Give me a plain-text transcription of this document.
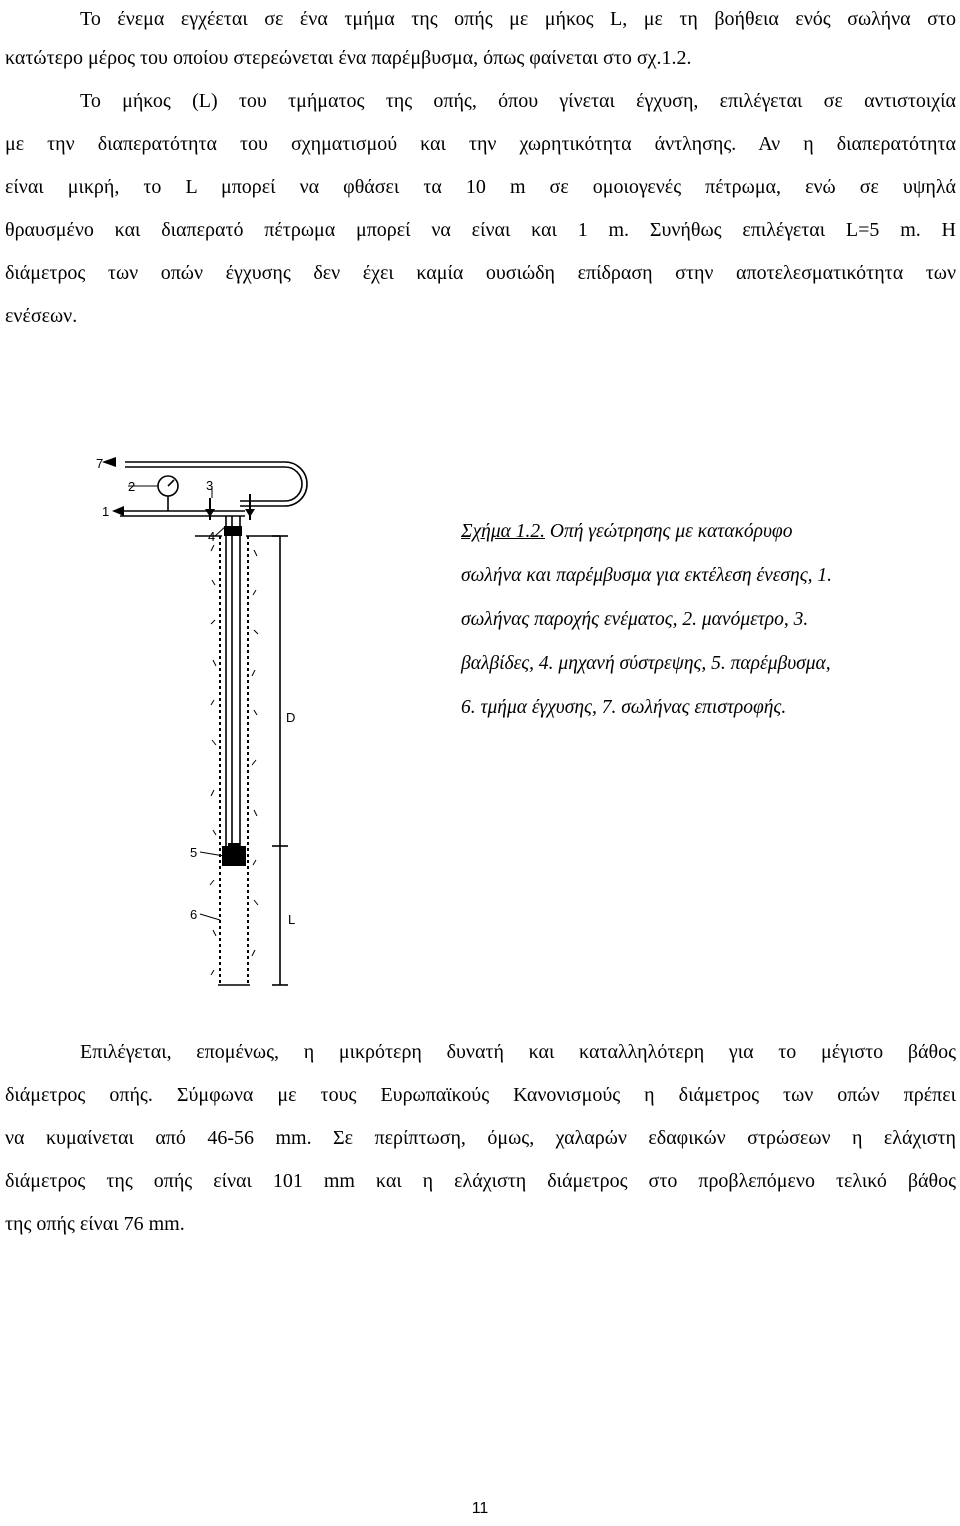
Το ένεμα εγχέεται σε ένα τμήμα της οπής με μήκος L, με τη βοήθεια ενός σωλήνα στο
κατώτερο μέρος του οποίου στερεώνεται ένα παρέμβυσμα, όπως φαίνεται στο σχ.1.2.
Το μήκος (L) του τμήματος της οπής, όπου γίνεται έγχυση, επιλέγεται σε αντιστοιχία
με την διαπερατότητα του σχηματισμού και την χωρητικότητα άντλησης. Αν η διαπερατότητα
είναι μικρή, το L μπορεί να φθάσει τα 10 m σε ομοιογενές πέτρωμα, ενώ σε υψηλά
θραυσμένο και διαπερατό πέτρωμα μπορεί να είναι και 1 m. Συνήθως επιλέγεται L=5 m. Η
διάμετρος των οπών έγχυσης δεν έχει καμία ουσιώδη επίδραση στην αποτελεσματικότητα των
ενέσεων.
7
2	3
1
4
D
5
6	L
Σχήμα 1.2. Οπή γεώτρησης με κατακόρυφο
σωλήνα και παρέμβυσμα για εκτέλεση ένεσης, 1.
σωλήνας παροχής ενέματος, 2. μανόμετρο, 3.
βαλβίδες, 4. μηχανή σύστρεψης, 5. παρέμβυσμα,
6. τμήμα έγχυσης, 7. σωλήνας επιστροφής.
Επιλέγεται, επομένως, η μικρότερη δυνατή και καταλληλότερη για το μέγιστο βάθος
διάμετρος οπής. Σύμφωνα με τους Ευρωπαϊκούς Κανονισμούς η διάμετρος των οπών πρέπει
να κυμαίνεται από 46-56 mm. Σε περίπτωση, όμως, χαλαρών εδαφικών στρώσεων η ελάχιστη
διάμετρος της οπής είναι 101 mm και η ελάχιστη διάμετρος στο προβλεπόμενο τελικό βάθος
της οπής είναι 76 mm.
11
